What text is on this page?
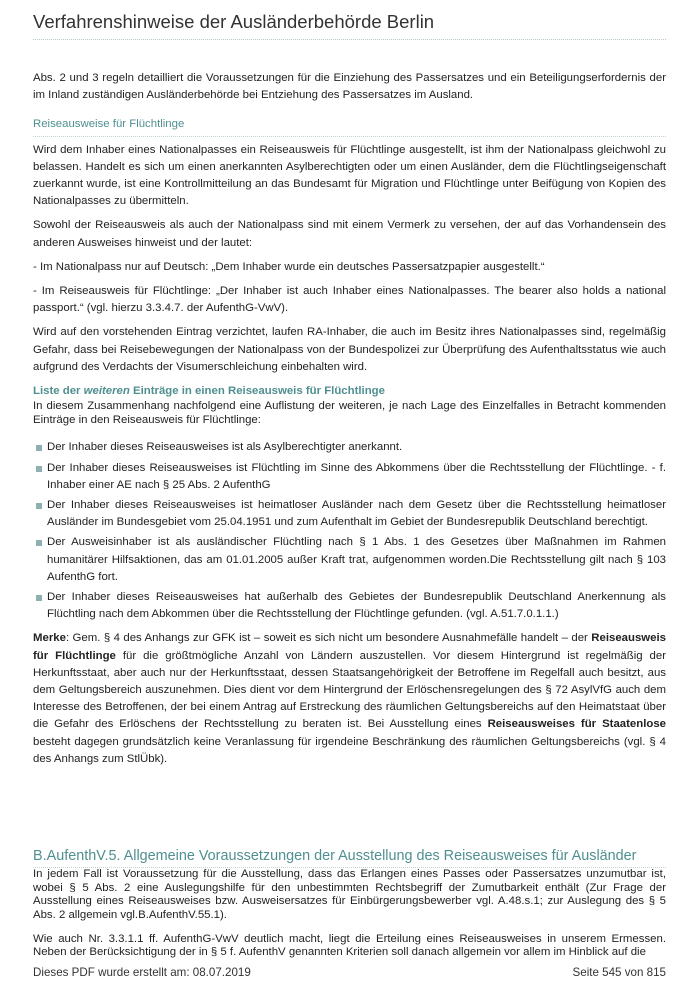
Verfahrenshinweise der Ausländerbehörde Berlin

Abs. 2 und 3 regeln detailliert die Voraussetzungen für die Einziehung des Passersatzes und ein Beteiligungserfordernis der im Inland zuständigen Ausländerbehörde bei Entziehung des Passersatzes im Ausland.

Reiseausweise für Flüchtlinge

Wird dem Inhaber eines Nationalpasses ein Reiseausweis für Flüchtlinge ausgestellt, ist ihm der Nationalpass gleichwohl zu belassen. Handelt es sich um einen anerkannten Asylberechtigten oder um einen Ausländer, dem die Flüchtlingseigenschaft zuerkannt wurde, ist eine Kontrollmitteilung an das Bundesamt für Migration und Flüchtlinge unter Beifügung von Kopien des Nationalpasses zu übermitteln.

Sowohl der Reiseausweis als auch der Nationalpass sind mit einem Vermerk zu versehen, der auf das Vorhandensein des anderen Ausweises hinweist und der lautet:

- Im Nationalpass nur auf Deutsch: „Dem Inhaber wurde ein deutsches Passersatzpapier ausgestellt.“

- Im Reiseausweis für Flüchtlinge: „Der Inhaber ist auch Inhaber eines Nationalpasses. The bearer also holds a national passport.“ (vgl. hierzu 3.3.4.7. der AufenthG-VwV).

Wird auf den vorstehenden Eintrag verzichtet, laufen RA-Inhaber, die auch im Besitz ihres Nationalpasses sind, regelmäßig Gefahr, dass bei Reisebewegungen der Nationalpass von der Bundespolizei zur Überprüfung des Aufenthaltsstatus wie auch aufgrund des Verdachts der Visumerschleichung einbehalten wird.

Liste der weiteren Einträge in einen Reiseausweis für Flüchtlinge

In diesem Zusammenhang nachfolgend eine Auflistung der weiteren, je nach Lage des Einzelfalles in Betracht kommenden Einträge in den Reiseausweis für Flüchtlinge:

Der Inhaber dieses Reiseausweises ist als Asylberechtigter anerkannt.
Der Inhaber dieses Reiseausweises ist Flüchtling im Sinne des Abkommens über die Rechtsstellung der Flüchtlinge. - f. Inhaber einer AE nach § 25 Abs. 2 AufenthG
Der Inhaber dieses Reiseausweises ist heimatloser Ausländer nach dem Gesetz über die Rechtsstellung heimatloser Ausländer im Bundesgebiet vom 25.04.1951 und zum Aufenthalt im Gebiet der Bundesrepublik Deutschland berechtigt.
Der Ausweisinhaber ist als ausländischer Flüchtling nach § 1 Abs. 1 des Gesetzes über Maßnahmen im Rahmen humanitärer Hilfsaktionen, das am 01.01.2005 außer Kraft trat, aufgenommen worden.Die Rechtsstellung gilt nach § 103 AufenthG fort.
Der Inhaber dieses Reiseausweises hat außerhalb des Gebietes der Bundesrepublik Deutschland Anerkennung als Flüchtling nach dem Abkommen über die Rechtsstellung der Flüchtlinge gefunden. (vgl. A.51.7.0.1.1.)

Merke: Gem. § 4 des Anhangs zur GFK ist – soweit es sich nicht um besondere Ausnahmefälle handelt – der Reiseausweis für Flüchtlinge für die größtmögliche Anzahl von Ländern auszustellen. Vor diesem Hintergrund ist regelmäßig der Herkunftsstaat, aber auch nur der Herkunftsstaat, dessen Staatsangehörigkeit der Betroffene im Regelfall auch besitzt, aus dem Geltungsbereich auszunehmen. Dies dient vor dem Hintergrund der Erlöschensregelungen des § 72 AsylVfG auch dem Interesse des Betroffenen, der bei einem Antrag auf Erstreckung des räumlichen Geltungsbereichs auf den Heimatstaat über die Gefahr des Erlöschens der Rechtsstellung zu beraten ist. Bei Ausstellung eines Reiseausweises für Staatenlose besteht dagegen grundsätzlich keine Veranlassung für irgendeine Beschränkung des räumlichen Geltungsbereichs (vgl. § 4 des Anhangs zum StlÜbk).

B.AufenthV.5. Allgemeine Voraussetzungen der Ausstellung des Reiseausweises für Ausländer

In jedem Fall ist Voraussetzung für die Ausstellung, dass das Erlangen eines Passes oder Passersatzes unzumutbar ist, wobei § 5 Abs. 2 eine Auslegungshilfe für den unbestimmten Rechtsbegriff der Zumutbarkeit enthält (Zur Frage der Ausstellung eines Reiseausweises bzw. Ausweisersatzes für Einbürgerungsbewerber vgl. A.48.s.1; zur Auslegung des § 5 Abs. 2 allgemein vgl.B.AufenthV.55.1).

Wie auch Nr. 3.3.1.1 ff. AufenthG-VwV deutlich macht, liegt die Erteilung eines Reiseausweises in unserem Ermessen. Neben der Berücksichtigung der in § 5 f. AufenthV genannten Kriterien soll danach allgemein vor allem im Hinblick auf die

Dieses PDF wurde erstellt am: 08.07.2019	Seite 545 von 815
